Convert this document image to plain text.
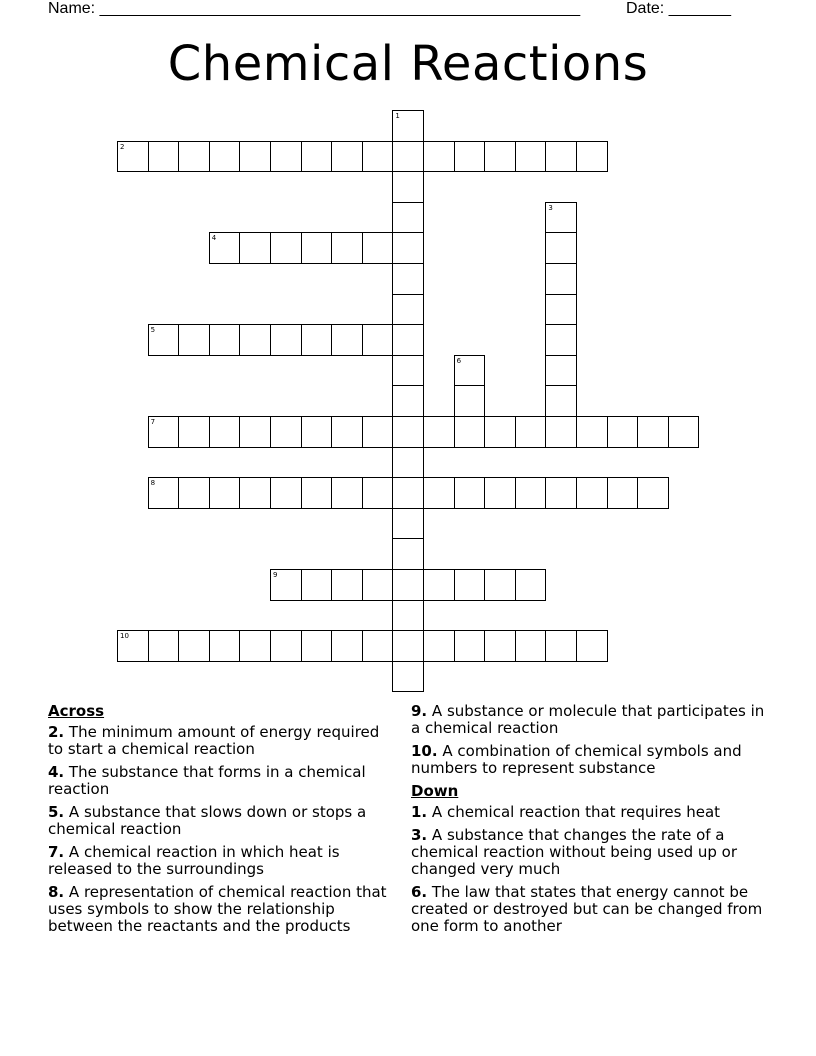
Name: ______________________________________________________	Date: _______
Chemical Reactions
1
2
3
4
5
6
7
8
9
10
Across
2. The minimum amount of energy required to start a chemical reaction
4. The substance that forms in a chemical reaction
5. A substance that slows down or stops a chemical reaction
7. A chemical reaction in which heat is released to the surroundings
8. A representation of chemical reaction that uses symbols to show the relationship between the reactants and the products
9. A substance or molecule that participates in a chemical reaction
10. A combination of chemical symbols and numbers to represent substance
Down
1. A chemical reaction that requires heat
3. A substance that changes the rate of a chemical reaction without being used up or changed very much
6. The law that states that energy cannot be created or destroyed but can be changed from one form to another
